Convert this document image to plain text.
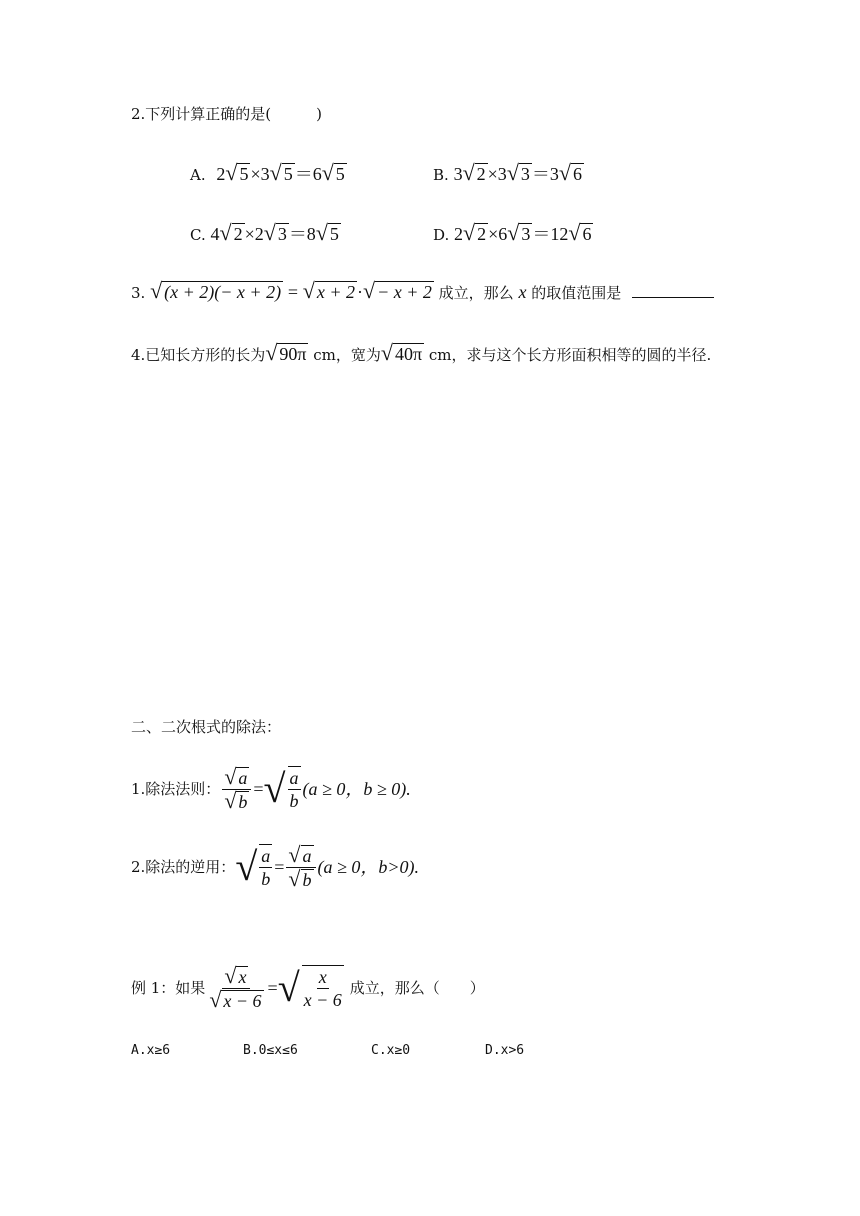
2.下列计算正确的是(　　　)
A. 2 √ 5 ×3 √ 5 ＝6 √ 5	B. 3 √ 2 ×3 √ 3 ＝3 √ 6
C. 4 √ 2 ×2 √ 3 ＝8 √ 5	D. 2 √ 2 ×6 √ 3 ＝12 √ 6
3. √ (x + 2)(− x + 2) = √ x + 2 · √ − x + 2 成立，那么 x 的取值范围是
4.已知长方形的长为 √ 90π cm，宽为 √ 40π cm，求与这个长方形面积相等的圆的半径.
二、二次根式的除法：
1.除法法则： $\frac{√ a}{√ b}$ = √ $\frac{a}{b} (a \ge 0$，b ≥ 0).
2.除法的逆用： √ $\frac{a}{b} = \frac{√ a}{√ b} (a \ge 0$，b>0).
例 1：如果 $\frac{√ x}{√ x - 6}$ = √ $\frac{x}{x - 6}$ 成立，那么（　　）
A.x≥6	B.0≤x≤6	C.x≥0	D.x>6
